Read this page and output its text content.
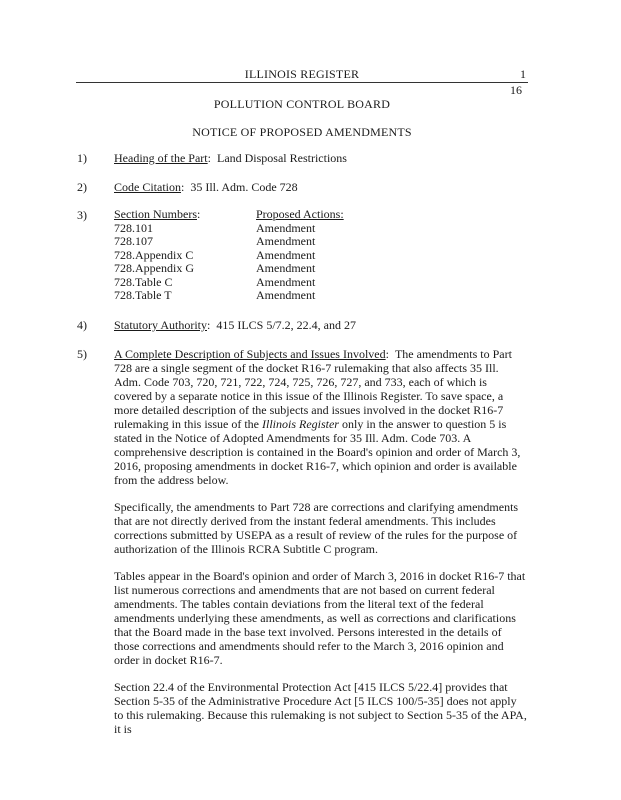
ILLINOIS REGISTER	1
16
POLLUTION CONTROL BOARD
NOTICE OF PROPOSED AMENDMENTS
1)	Heading of the Part: Land Disposal Restrictions
2)	Code Citation: 35 Ill. Adm. Code 728
3)	Section Numbers:	Proposed Actions:
728.101	Amendment
728.107	Amendment
728.Appendix C	Amendment
728.Appendix G	Amendment
728.Table C	Amendment
728.Table T	Amendment
4)	Statutory Authority: 415 ILCS 5/7.2, 22.4, and 27
5)	A Complete Description of Subjects and Issues Involved: The amendments to Part 728 are a single segment of the docket R16-7 rulemaking that also affects 35 Ill. Adm. Code 703, 720, 721, 722, 724, 725, 726, 727, and 733, each of which is covered by a separate notice in this issue of the Illinois Register. To save space, a more detailed description of the subjects and issues involved in the docket R16-7 rulemaking in this issue of the Illinois Register only in the answer to question 5 is stated in the Notice of Adopted Amendments for 35 Ill. Adm. Code 703. A comprehensive description is contained in the Board's opinion and order of March 3, 2016, proposing amendments in docket R16-7, which opinion and order is available from the address below.

Specifically, the amendments to Part 728 are corrections and clarifying amendments that are not directly derived from the instant federal amendments. This includes corrections submitted by USEPA as a result of review of the rules for the purpose of authorization of the Illinois RCRA Subtitle C program.

Tables appear in the Board's opinion and order of March 3, 2016 in docket R16-7 that list numerous corrections and amendments that are not based on current federal amendments. The tables contain deviations from the literal text of the federal amendments underlying these amendments, as well as corrections and clarifications that the Board made in the base text involved. Persons interested in the details of those corrections and amendments should refer to the March 3, 2016 opinion and order in docket R16-7.

Section 22.4 of the Environmental Protection Act [415 ILCS 5/22.4] provides that Section 5-35 of the Administrative Procedure Act [5 ILCS 100/5-35] does not apply to this rulemaking. Because this rulemaking is not subject to Section 5-35 of the APA, it is
